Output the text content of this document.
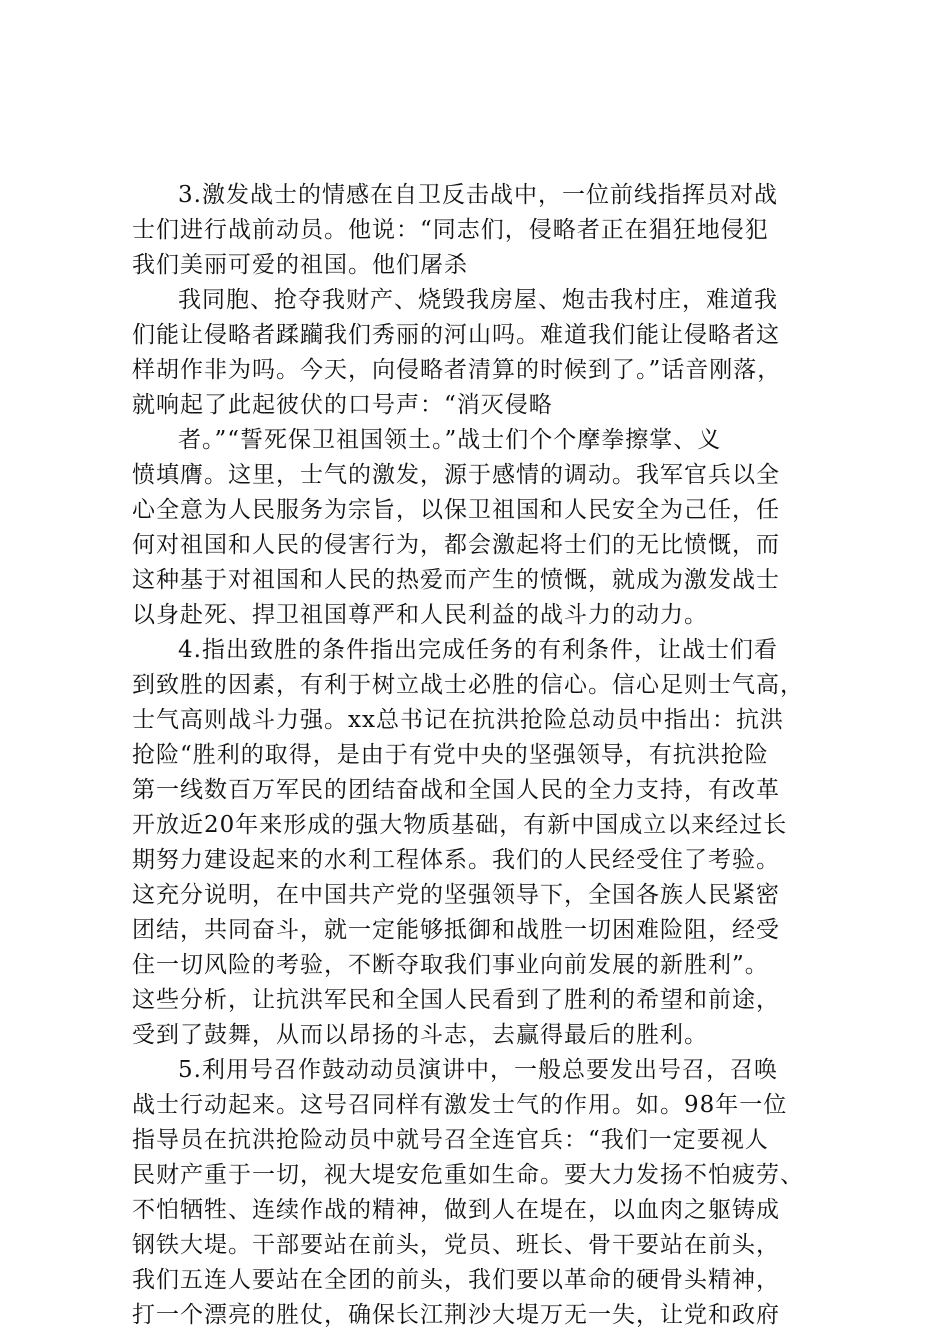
3.激发战士的情感在自卫反击战中，一位前线指挥员对战
士们进行战前动员。他说：“同志们，侵略者正在猖狂地侵犯
我们美丽可爱的祖国。他们屠杀
我同胞、抢夺我财产、烧毁我房屋、炮击我村庄，难道我
们能让侵略者蹂躏我们秀丽的河山吗。难道我们能让侵略者这
样胡作非为吗。今天，向侵略者清算的时候到了。”话音刚落，
就响起了此起彼伏的口号声：“消灭侵略
者。”“誓死保卫祖国领土。”战士们个个摩拳擦掌、义
愤填膺。这里，士气的激发，源于感情的调动。我军官兵以全
心全意为人民服务为宗旨，以保卫祖国和人民安全为己任，任
何对祖国和人民的侵害行为，都会激起将士们的无比愤慨，而
这种基于对祖国和人民的热爱而产生的愤慨，就成为激发战士
以身赴死、捍卫祖国尊严和人民利益的战斗力的动力。
4.指出致胜的条件指出完成任务的有利条件，让战士们看
到致胜的因素，有利于树立战士必胜的信心。信心足则士气高，
士气高则战斗力强。xx总书记在抗洪抢险总动员中指出：抗洪
抢险“胜利的取得，是由于有党中央的坚强领导，有抗洪抢险
第一线数百万军民的团结奋战和全国人民的全力支持，有改革
开放近20年来形成的强大物质基础，有新中国成立以来经过长
期努力建设起来的水利工程体系。我们的人民经受住了考验。
这充分说明，在中国共产党的坚强领导下，全国各族人民紧密
团结，共同奋斗，就一定能够抵御和战胜一切困难险阻，经受
住一切风险的考验，不断夺取我们事业向前发展的新胜利”。
这些分析，让抗洪军民和全国人民看到了胜利的希望和前途，
受到了鼓舞，从而以昂扬的斗志，去赢得最后的胜利。
5.利用号召作鼓动动员演讲中，一般总要发出号召，召唤
战士行动起来。这号召同样有激发士气的作用。如。98年一位
指导员在抗洪抢险动员中就号召全连官兵：“我们一定要视人
民财产重于一切，视大堤安危重如生命。要大力发扬不怕疲劳、
不怕牺牲、连续作战的精神，做到人在堤在，以血肉之躯铸成
钢铁大堤。干部要站在前头，党员、班长、骨干要站在前头，
我们五连人要站在全团的前头，我们要以革命的硬骨头精神，
打一个漂亮的胜仗，确保长江荆沙大堤万无一失，让党和政府
